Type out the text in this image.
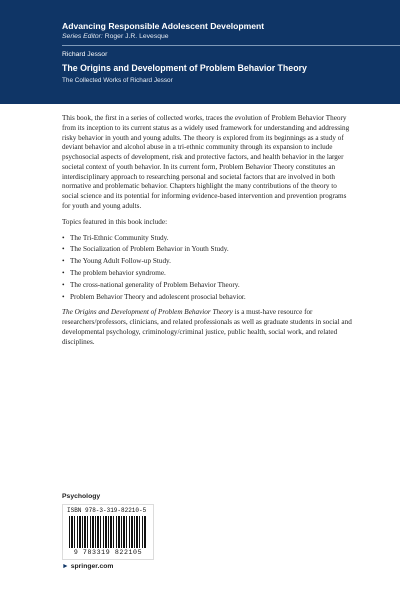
Advancing Responsible Adolescent Development
Series Editor: Roger J.R. Levesque
Richard Jessor
The Origins and Development of Problem Behavior Theory
The Collected Works of Richard Jessor

This book, the first in a series of collected works, traces the evolution of Problem Behavior Theory from its inception to its current status as a widely used framework for understanding and addressing risky behavior in youth and young adults. The theory is explored from its beginnings as a study of deviant behavior and alcohol abuse in a tri-ethnic community through its expansion to include psychosocial aspects of development, risk and protective factors, and health behavior in the larger societal context of youth behavior. In its current form, Problem Behavior Theory constitutes an interdisciplinary approach to researching personal and societal factors that are involved in both normative and problematic behavior. Chapters highlight the many contributions of the theory to social science and its potential for informing evidence-based intervention and prevention programs for youth and young adults.

Topics featured in this book include:

• The Tri-Ethnic Community Study.
• The Socialization of Problem Behavior in Youth Study.
• The Young Adult Follow-up Study.
• The problem behavior syndrome.
• The cross-national generality of Problem Behavior Theory.
• Problem Behavior Theory and adolescent prosocial behavior.

The Origins and Development of Problem Behavior Theory is a must-have resource for researchers/professors, clinicians, and related professionals as well as graduate students in social and developmental psychology, criminology/criminal justice, public health, social work, and related disciplines.

Psychology
ISBN 978-3-319-82210-5
9 783319 822105
► springer.com
